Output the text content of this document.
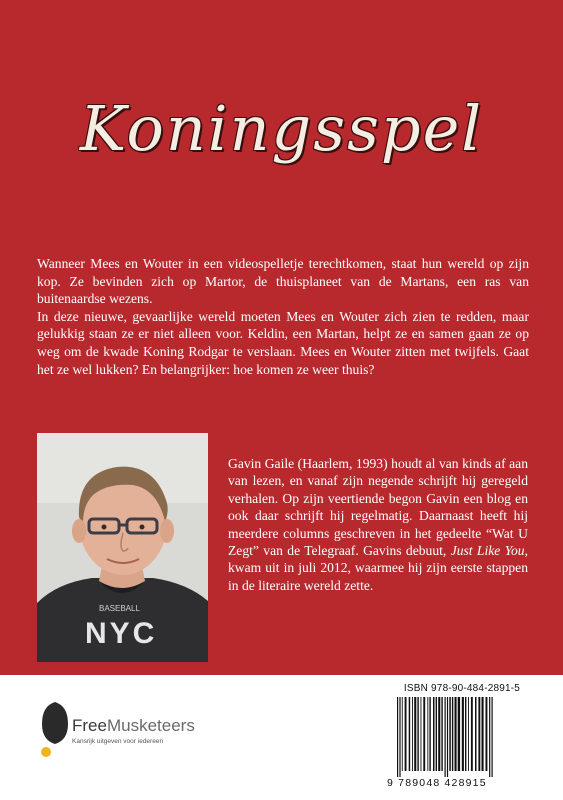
Koningsspel

Wanneer Mees en Wouter in een videospelletje terechtkomen, staat hun wereld op zijn kop. Ze bevinden zich op Martor, de thuisplaneet van de Martans, een ras van buitenaardse wezens.

In deze nieuwe, gevaarlijke wereld moeten Mees en Wouter zich zien te redden, maar gelukkig staan ze er niet alleen voor. Keldin, een Martan, helpt ze en samen gaan ze op weg om de kwade Koning Rodgar te verslaan. Mees en Wouter zitten met twijfels. Gaat het ze wel lukken? En belangrijker: hoe komen ze weer thuis?

BASEBALL
NYC
Gavin Gaile (Haarlem, 1993) houdt al van kinds af aan van lezen, en vanaf zijn negende schrijft hij geregeld verhalen. Op zijn veertiende begon Gavin een blog en ook daar schrijft hij regelmatig. Daarnaast heeft hij meerdere columns geschreven in het gedeelte “Wat U Zegt” van de Telegraaf. Gavins debuut, Just Like You, kwam uit in juli 2012, waarmee hij zijn eerste stappen in de literaire wereld zette.
FreeMusketeers
Kansrijk uitgeven voor iedereen
ISBN 978-90-484-2891-5
9 789048 428915
